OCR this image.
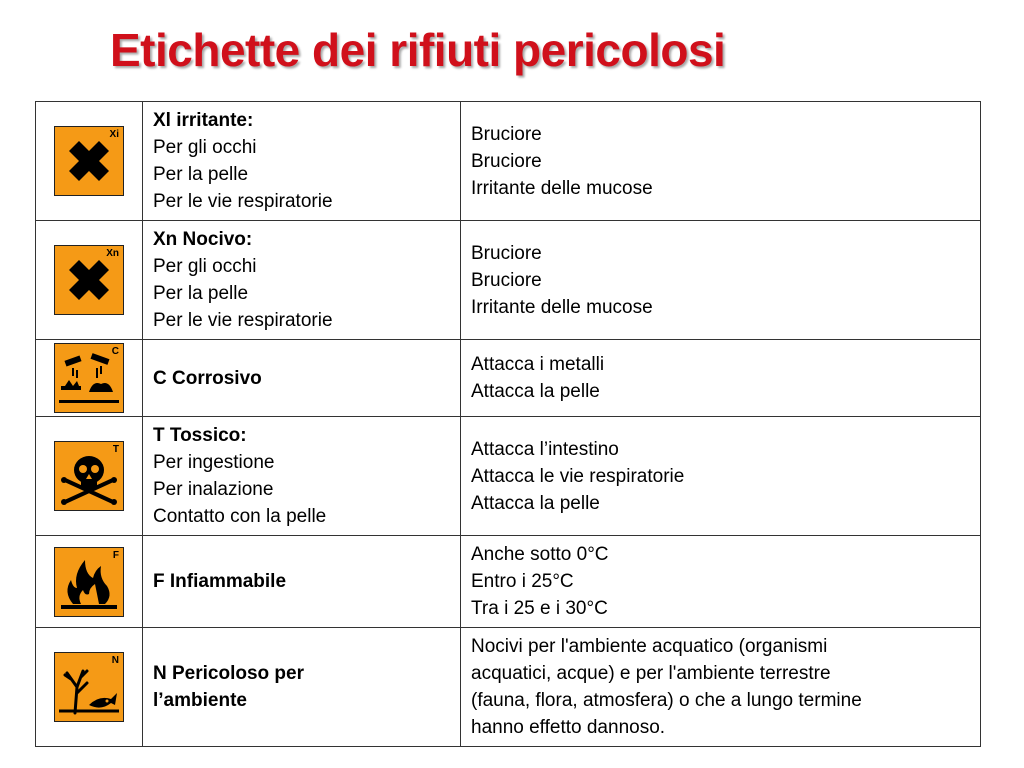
Etichette dei rifiuti pericolosi
Xi	Xl irritante:
Per gli occhi
Per la pelle
Per le vie respiratorie	Bruciore
Bruciore
Irritante delle mucose

Xn	Xn Nocivo:
Per gli occhi
Per la pelle
Per le vie respiratorie	Bruciore
Bruciore
Irritante delle mucose

C	C Corrosivo	Attacca i metalli
Attacca la pelle

T	T Tossico:
Per ingestione
Per inalazione
Contatto con la pelle	Attacca l’intestino
Attacca le vie respiratorie
Attacca la pelle

F	F Infiammabile	Anche sotto 0°C
Entro i 25°C
Tra i 25 e i 30°C

N	N Pericoloso per
l’ambiente	Nocivi per l'ambiente acquatico (organismi
acquatici, acque) e per l'ambiente terrestre
(fauna, flora, atmosfera) o che a lungo termine
hanno effetto dannoso.
